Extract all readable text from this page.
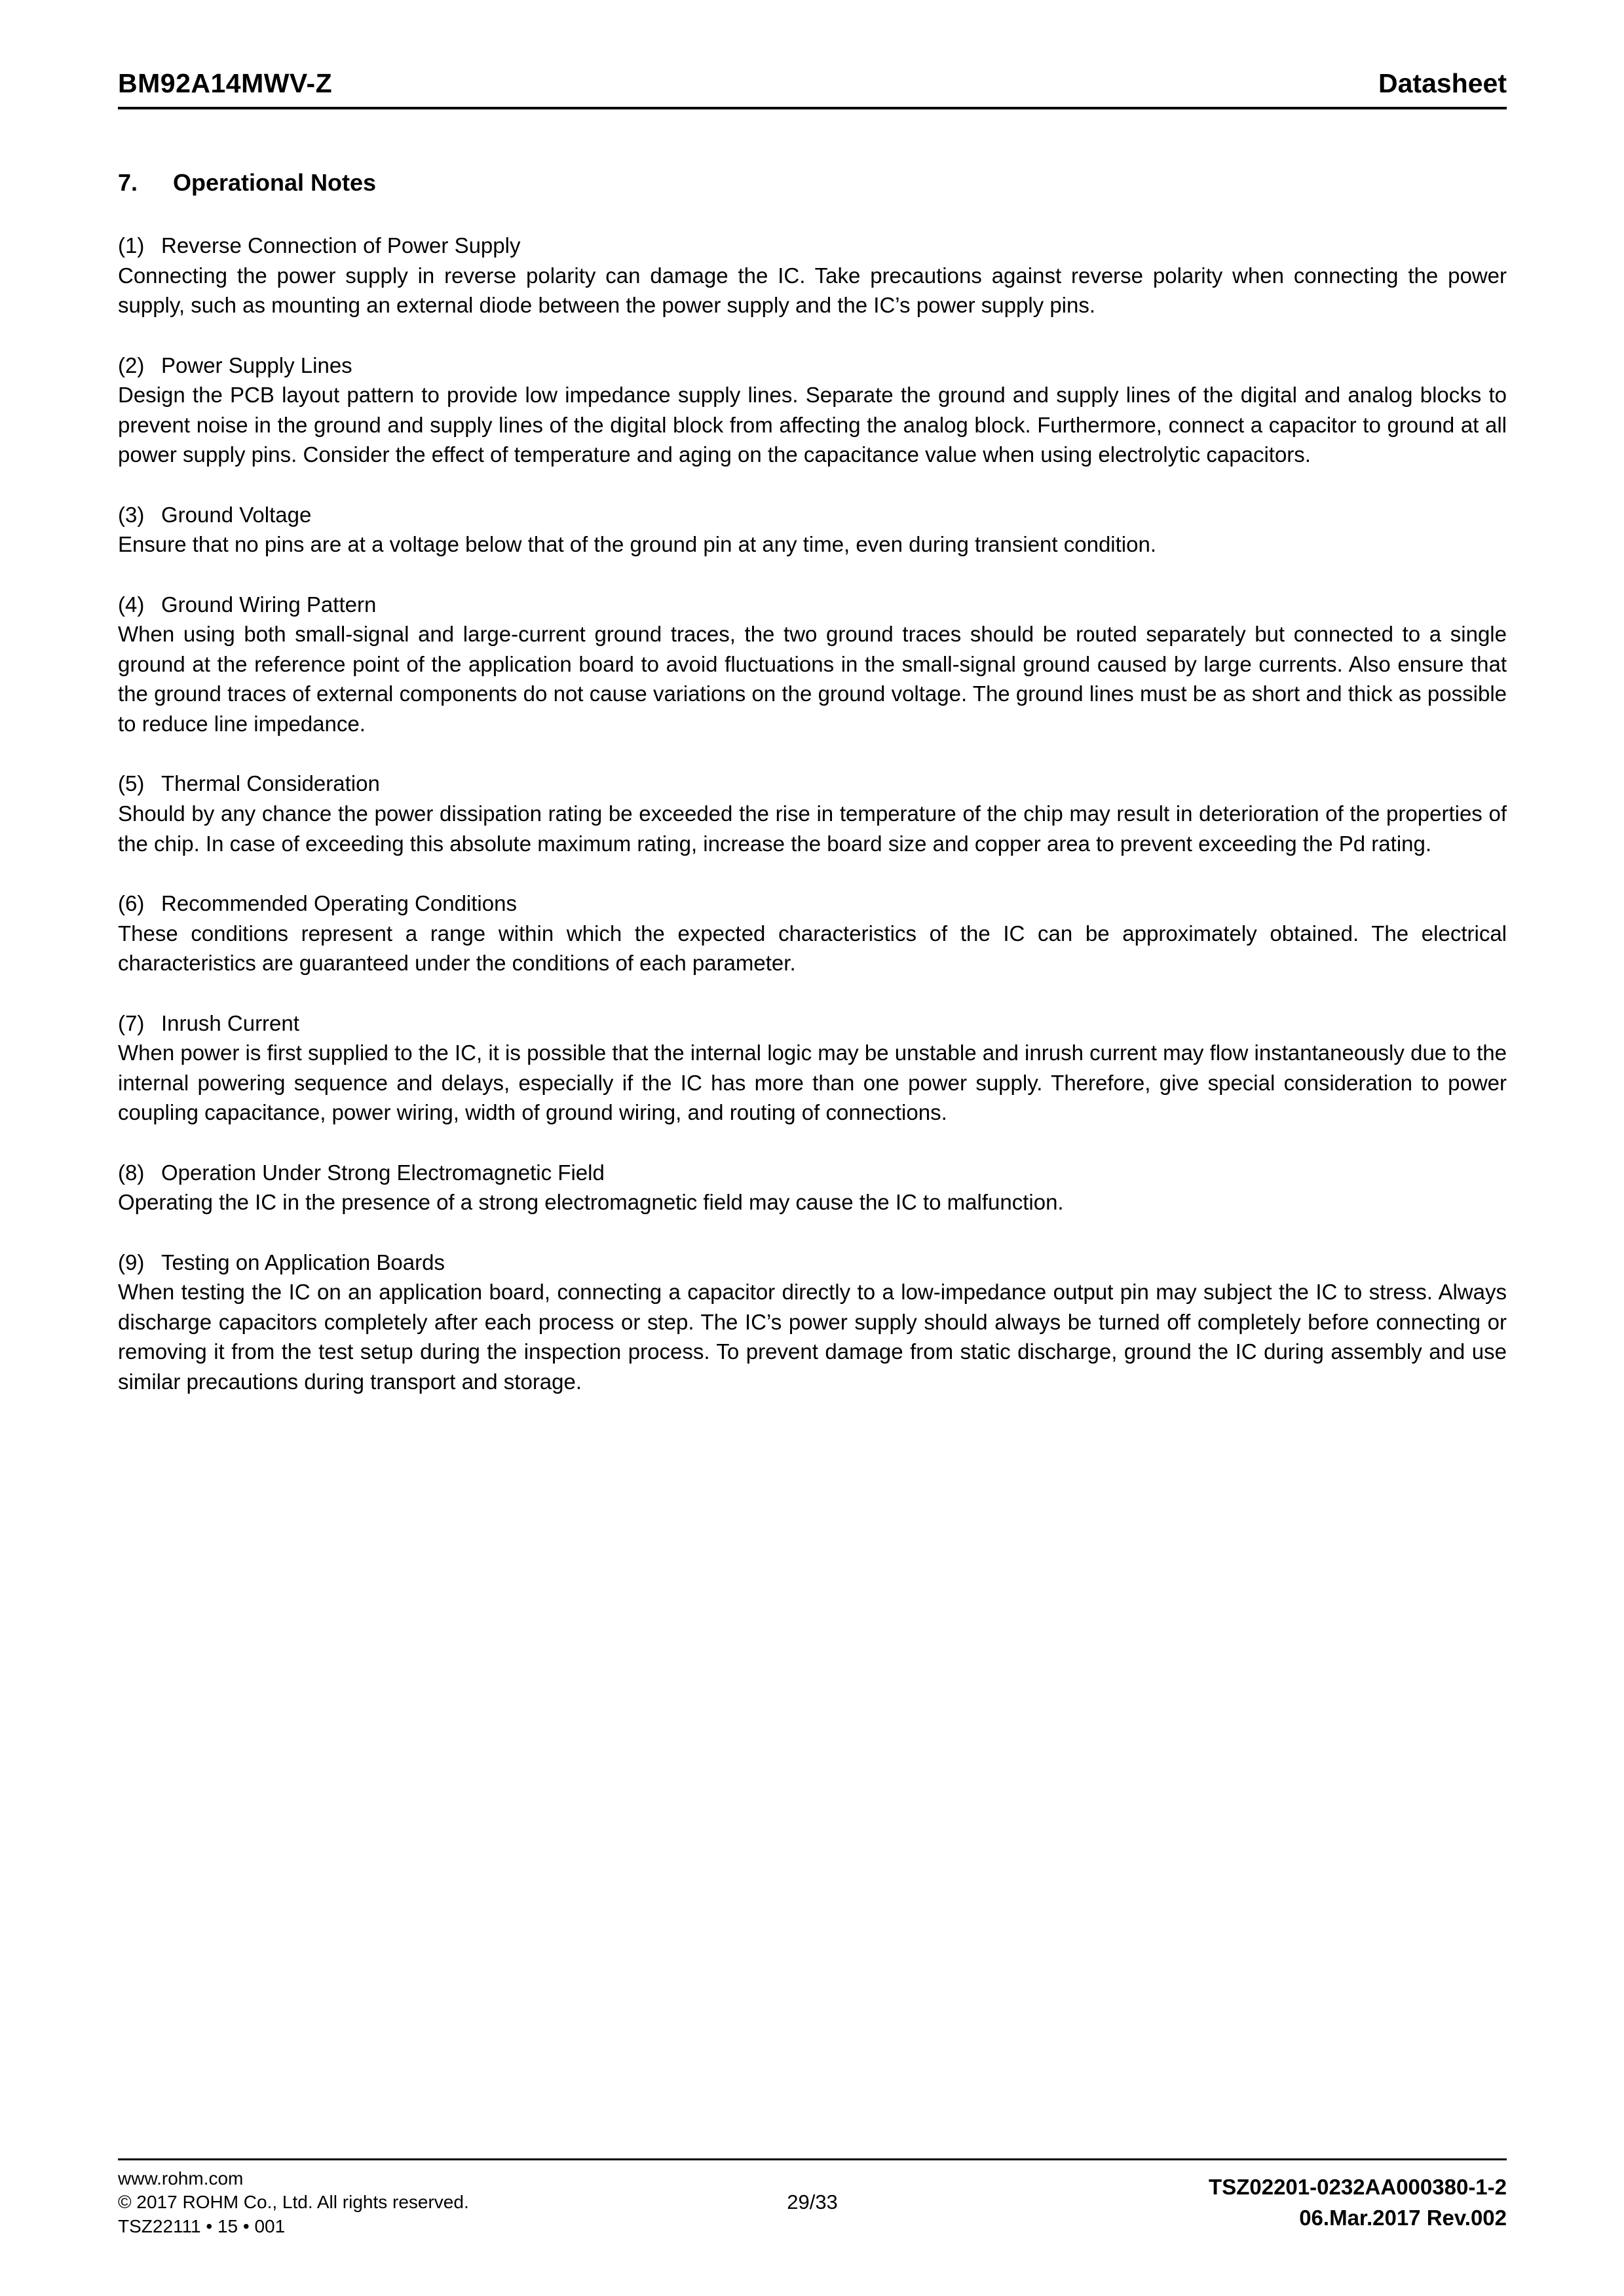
BM92A14MWV-Z	Datasheet
7. Operational Notes
(1) Reverse Connection of Power Supply

Connecting the power supply in reverse polarity can damage the IC. Take precautions against reverse polarity when connecting the power supply, such as mounting an external diode between the power supply and the IC’s power supply pins.

(2) Power Supply Lines

Design the PCB layout pattern to provide low impedance supply lines. Separate the ground and supply lines of the digital and analog blocks to prevent noise in the ground and supply lines of the digital block from affecting the analog block. Furthermore, connect a capacitor to ground at all power supply pins. Consider the effect of temperature and aging on the capacitance value when using electrolytic capacitors.

(3) Ground Voltage

Ensure that no pins are at a voltage below that of the ground pin at any time, even during transient condition.

(4) Ground Wiring Pattern

When using both small-signal and large-current ground traces, the two ground traces should be routed separately but connected to a single ground at the reference point of the application board to avoid fluctuations in the small-signal ground caused by large currents. Also ensure that the ground traces of external components do not cause variations on the ground voltage. The ground lines must be as short and thick as possible to reduce line impedance.

(5) Thermal Consideration

Should by any chance the power dissipation rating be exceeded the rise in temperature of the chip may result in deterioration of the properties of the chip. In case of exceeding this absolute maximum rating, increase the board size and copper area to prevent exceeding the Pd rating.

(6) Recommended Operating Conditions

These conditions represent a range within which the expected characteristics of the IC can be approximately obtained. The electrical characteristics are guaranteed under the conditions of each parameter.

(7) Inrush Current

When power is first supplied to the IC, it is possible that the internal logic may be unstable and inrush current may flow instantaneously due to the internal powering sequence and delays, especially if the IC has more than one power supply. Therefore, give special consideration to power coupling capacitance, power wiring, width of ground wiring, and routing of connections.

(8) Operation Under Strong Electromagnetic Field

Operating the IC in the presence of a strong electromagnetic field may cause the IC to malfunction.

(9) Testing on Application Boards

When testing the IC on an application board, connecting a capacitor directly to a low-impedance output pin may subject the IC to stress. Always discharge capacitors completely after each process or step. The IC’s power supply should always be turned off completely before connecting or removing it from the test setup during the inspection process. To prevent damage from static discharge, ground the IC during assembly and use similar precautions during transport and storage.

www.rohm.com
© 2017 ROHM Co., Ltd. All rights reserved.
TSZ22111 • 15 • 001
29/33
TSZ02201-0232AA000380-1-2
06.Mar.2017 Rev.002
